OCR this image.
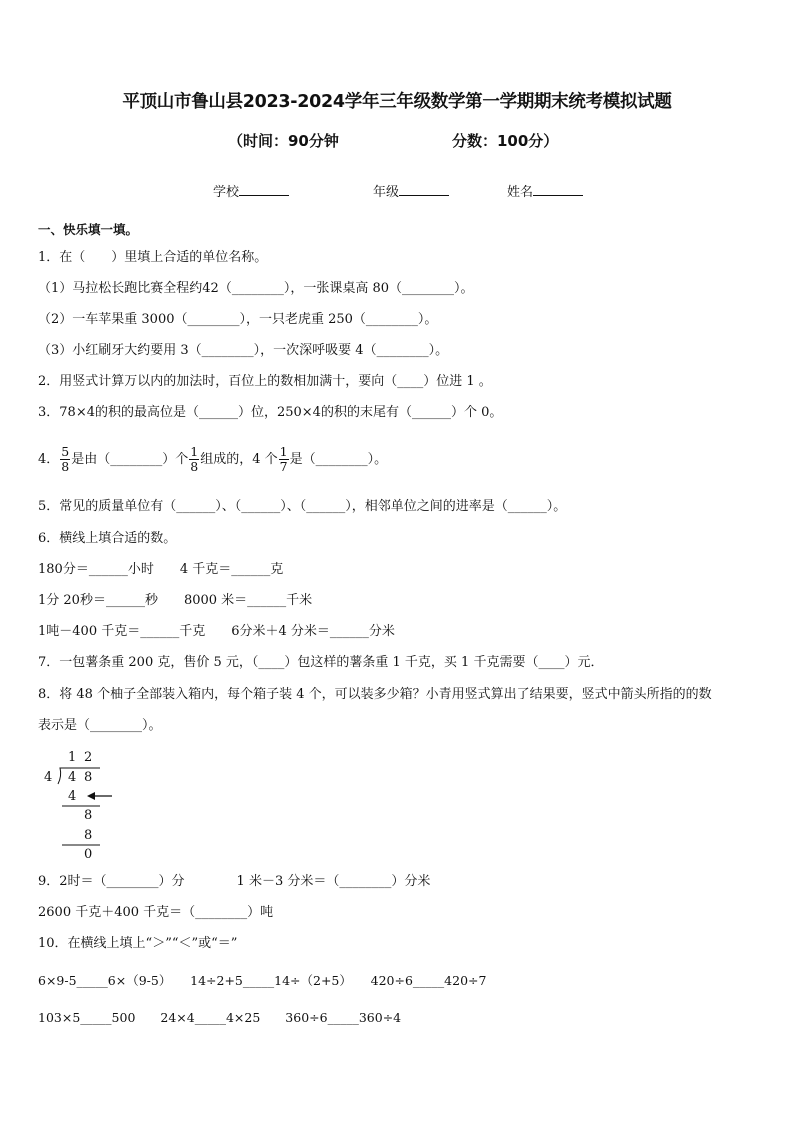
平顶山市鲁山县2023-2024学年三年级数学第一学期期末统考模拟试题
（时间：90分钟	分数：100分）
学校	年级	姓名
一、快乐填一填。
1．在（　　）里填上合适的单位名称。
（1）马拉松长跑比赛全程约42（________），一张课桌高 80（________）。
（2）一车苹果重 3000（________），一只老虎重 250（________）。
（3）小红刷牙大约要用 3（________），一次深呼吸要 4（________）。
2．用竖式计算万以内的加法时，百位上的数相加满十，要向（____）位进 1 。
3．78×4的积的最高位是（______）位，250×4的积的末尾有（______）个 0。
4． $\frac{5}{8}$ 是由（________）个 $\frac{1}{8}$ 组成的，4 个 $\frac{1}{7}$ 是（________）。
5．常见的质量单位有（______）、（______）、（______），相邻单位之间的进率是（______）。
6．横线上填合适的数。
180分＝______小时　　4 千克＝______克
1分 20秒＝______秒　　8000 米＝______千米
1吨－400 千克＝______千克　　6分米＋4 分米＝______分米
7．一包薯条重 200 克，售价 5 元，（____）包这样的薯条重 1 千克，买 1 千克需要（____）元．
8．将 48 个柚子全部装入箱内，每个箱子装 4 个，可以装多少箱？小青用竖式算出了结果要，竖式中箭头所指的的数
表示是（________）。
1 2
4 4 8
4
8
8
0
9．2时＝（________）分　　　　1 米－3 分米＝（________）分米
2600 千克＋400 千克＝（________）吨
10．在横线上填上“＞”“＜”或“＝”
6×9-5_____6×（9-5）　　14÷2+5_____14÷（2+5）　　420÷6_____420÷7
103×5_____500　　24×4_____4×25　　360÷6_____360÷4
